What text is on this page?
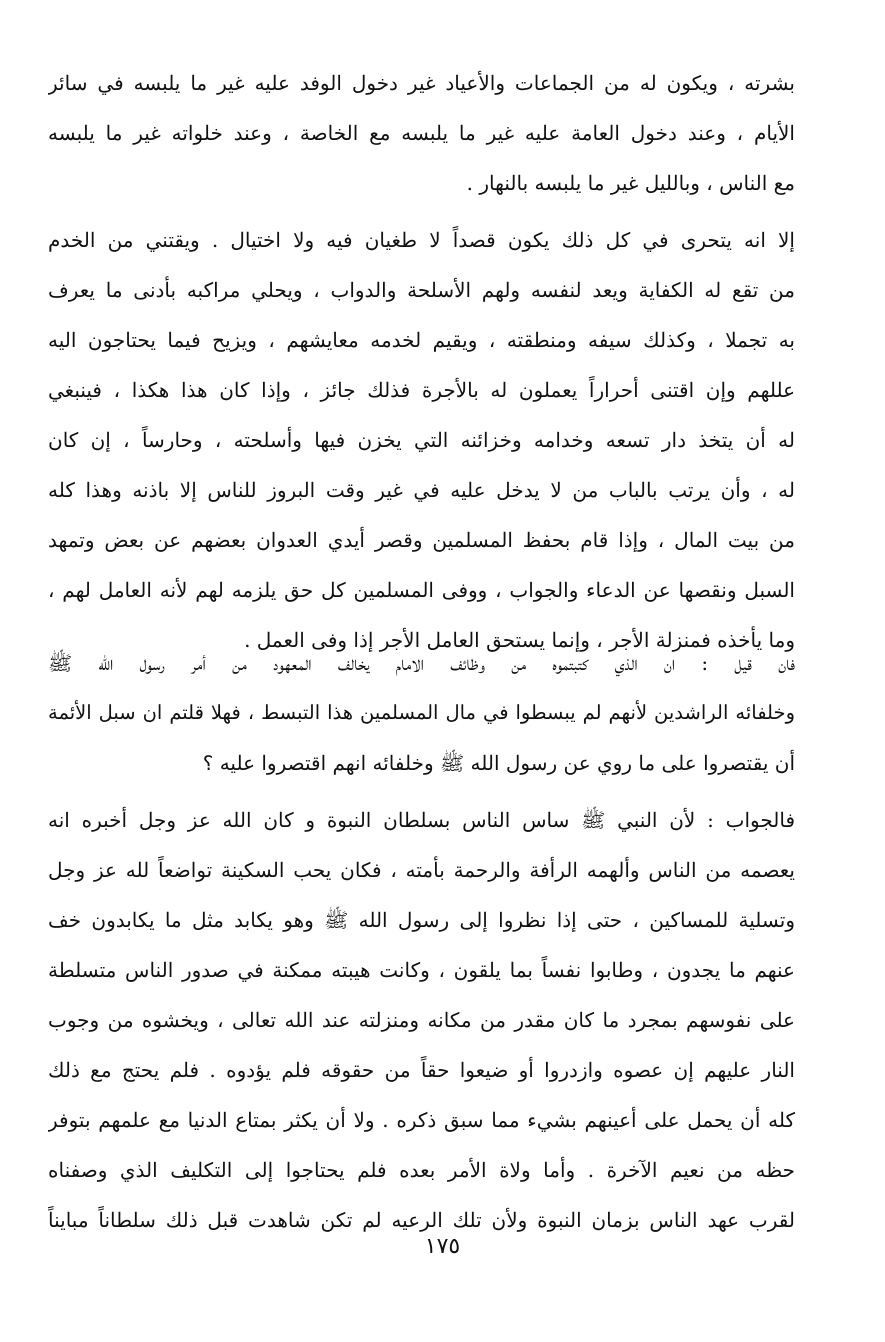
بشرته ، ويكون له من الجماعات والأعياد غير دخول الوفد عليه غير ما يلبسه في سائر
الأيام ، وعند دخول العامة عليه غير ما يلبسه مع الخاصة ، وعند خلواته غير ما يلبسه
مع الناس ، وبالليل غير ما يلبسه بالنهار .
إلا انه يتحرى في كل ذلك يكون قصداً لا طغيان فيه ولا اختيال . ويقتني من الخدم
من تقع له الكفاية ويعد لنفسه ولهم الأسلحة والدواب ، ويحلي مراكبه بأدنى ما يعرف
به تجملا ، وكذلك سيفه ومنطقته ، ويقيم لخدمه معايشهم ، ويزيح فيما يحتاجون اليه
عللهم وإن اقتنى أحراراً يعملون له بالأجرة فذلك جائز ، وإذا كان هذا هكذا ، فينبغي
له أن يتخذ دار تسعه وخدامه وخزائنه التي يخزن فيها وأسلحته ، وحارساً ، إن كان
له ، وأن يرتب بالباب من لا يدخل عليه في غير وقت البروز للناس إلا باذنه وهذا كله
من بيت المال ، وإذا قام بحفظ المسلمين وقصر أيدي العدوان بعضهم عن بعض وتمهد
السبل ونقصها عن الدعاء والجواب ، ووفى المسلمين كل حق يلزمه لهم لأنه العامل لهم ،
وما يأخذه فمنزلة الأجر ، وإنما يستحق العامل الأجر إذا وفى العمل .
فان قيل : ان الذي كتبتموه من وظائف الامام يخالف المعهود من أمر رسول الله ﷺ
وخلفائه الراشدين لأنهم لم يبسطوا في مال المسلمين هذا التبسط ، فهلا قلتم ان سبل الأئمة
أن يقتصروا على ما روي عن رسول الله ﷺ وخلفائه انهم اقتصروا عليه ؟
فالجواب : لأن النبي ﷺ ساس الناس بسلطان النبوة و كان الله عز وجل أخبره انه
يعصمه من الناس وألهمه الرأفة والرحمة بأمته ، فكان يحب السكينة تواضعاً لله عز وجل
وتسلية للمساكين ، حتى إذا نظروا إلى رسول الله ﷺ وهو يكابد مثل ما يكابدون خف
عنهم ما يجدون ، وطابوا نفساً بما يلقون ، وكانت هيبته ممكنة في صدور الناس متسلطة
على نفوسهم بمجرد ما كان مقدر من مكانه ومنزلته عند الله تعالى ، ويخشوه من وجوب
النار عليهم إن عصوه وازدروا أو ضيعوا حقاً من حقوقه فلم يؤدوه . فلم يحتج مع ذلك
كله أن يحمل على أعينهم بشيء مما سبق ذكره . ولا أن يكثر بمتاع الدنيا مع علمهم بتوفر
حظه من نعيم الآخرة . وأما ولاة الأمر بعده فلم يحتاجوا إلى التكليف الذي وصفناه
لقرب عهد الناس بزمان النبوة ولأن تلك الرعيه لم تكن شاهدت قبل ذلك سلطاناً مبايناً
١٧٥
